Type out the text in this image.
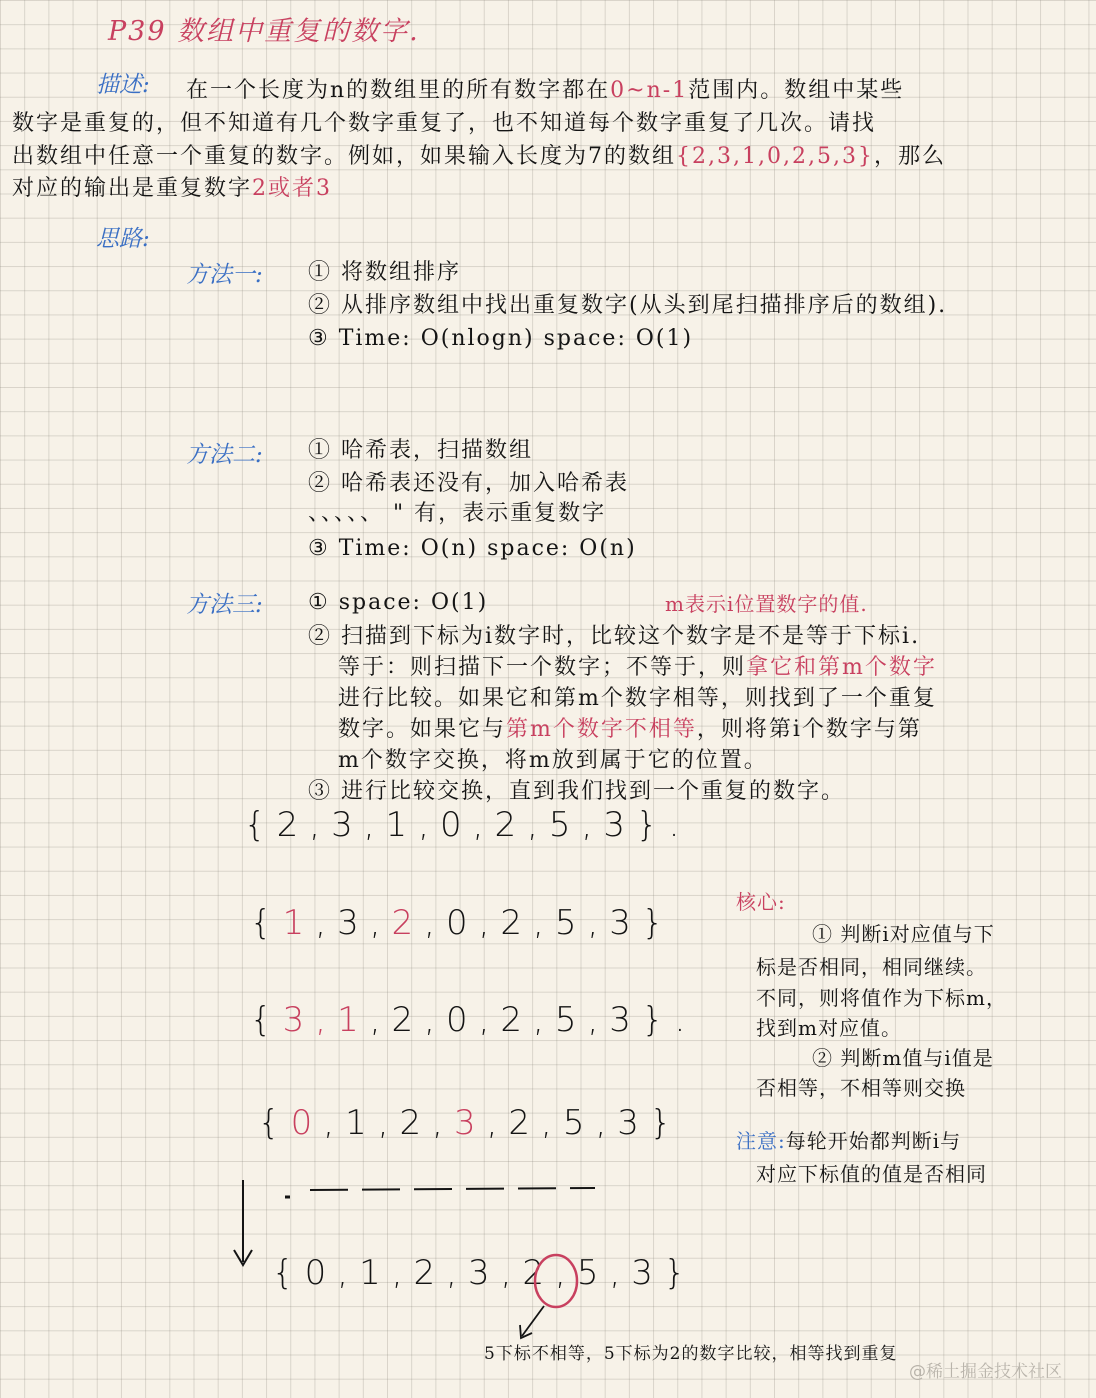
P39 数组中重复的数字.
描述: 在一个长度为n的数组里的所有数字都在0~n-1范围内。数组中某些
数字是重复的，但不知道有几个数字重复了，也不知道每个数字重复了几次。请找
出数组中任意一个重复的数字。例如，如果输入长度为7的数组{2,3,1,0,2,5,3}，那么
对应的输出是重复数字2或者3
思路:
方法一: ① 将数组排序
② 从排序数组中找出重复数字(从头到尾扫描排序后的数组).
③ Time: O(nlogn) space: O(1)
方法二: ① 哈希表，扫描数组
② 哈希表还没有，加入哈希表
、、、、、 " 有，表示重复数字
③ Time: O(n) space: O(n)
方法三: ① space: O(1)	m表示i位置数字的值.
② 扫描到下标为i数字时，比较这个数字是不是等于下标i.
等于：则扫描下一个数字；不等于，则拿它和第m个数字
进行比较。如果它和第m个数字相等，则找到了一个重复
数字。如果它与第m个数字不相等，则将第i个数字与第
m个数字交换，将m放到属于它的位置。
③ 进行比较交换，直到我们找到一个重复的数字。
{2,3,1,0,2,5,3}.
{1,3,2,0,2,5,3}
{3,1,2,0,2,5,3}.
{0,1,2,3,2,5,3}
{0,1,2,3,2,5,3}
5下标不相等，5下标为2的数字比较，相等找到重复
核心:
① 判断i对应值与下
标是否相同，相同继续。
不同，则将值作为下标m，
找到m对应值。
② 判断m值与i值是
否相等，不相等则交换
注意:每轮开始都判断i与
对应下标值的值是否相同
@稀土掘金技术社区
